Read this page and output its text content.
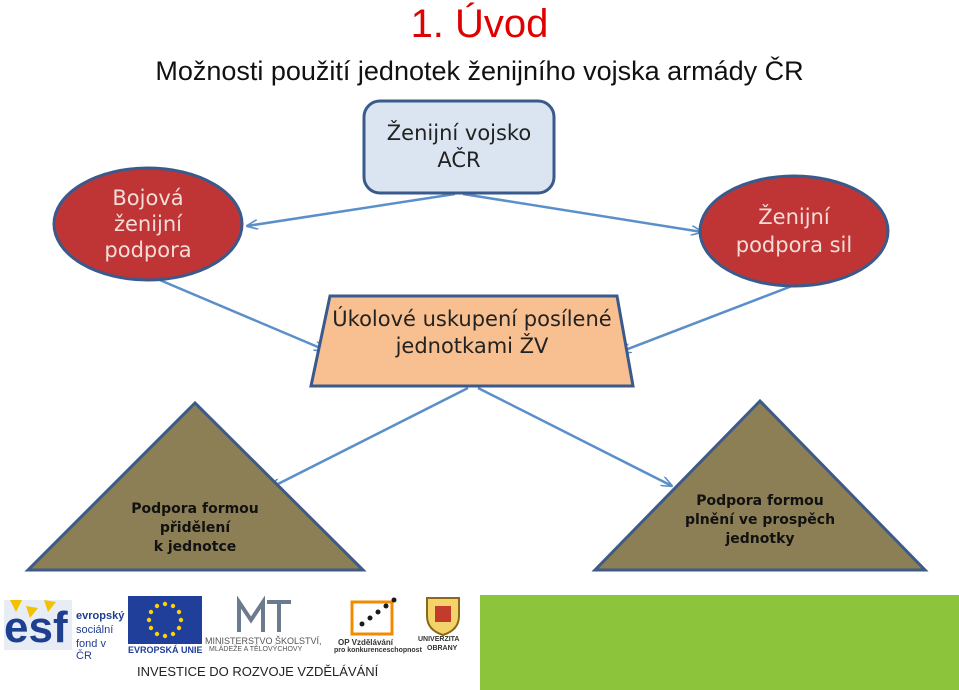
1. Úvod
Možnosti použití jednotek ženijního vojska armády ČR
Ženijní vojsko
AČR
Bojová
ženijní
podpora
Ženijní
podpora sil
Úkolové uskupení posílené
jednotkami ŽV
Podpora formou
přidělení
k jednotce
Podpora formou
plnění ve prospěch
jednotky
esf evropský
sociální
fond v ČR	EVROPSKÁ UNIE
MINISTERSTVO ŠKOLSTVÍ,
MLÁDEŽE A TĚLOVÝCHOVY
OP Vzdělávání
pro konkurenceschopnost
UNIVERZITA
OBRANY
INVESTICE DO ROZVOJE VZDĚLÁVÁNÍ
